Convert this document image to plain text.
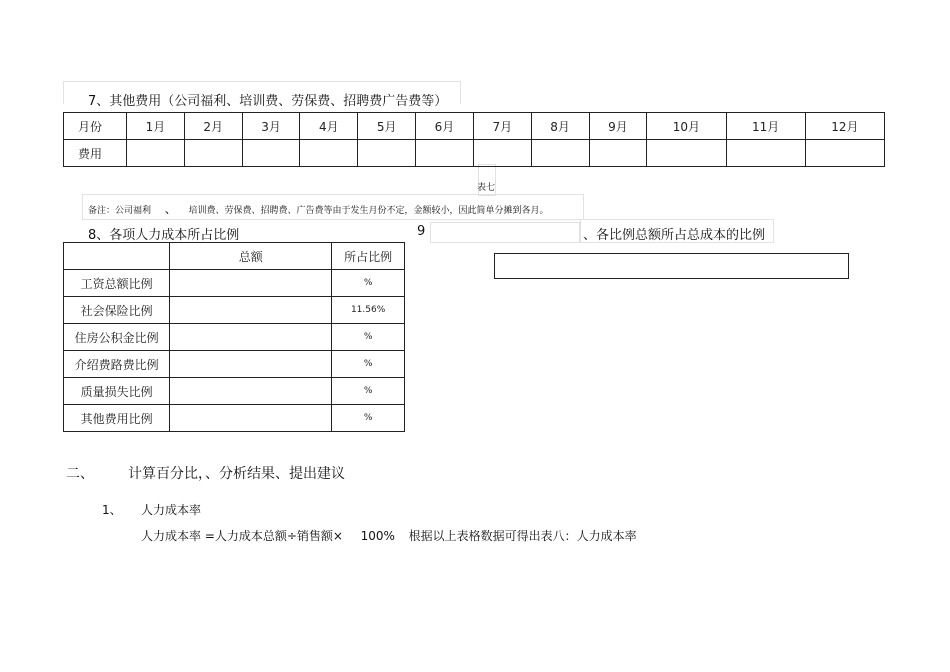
7、其他费用（公司福利、培训费、劳保费、招聘费广告费等）
月份	1月	2月	3月	4月	5月	6月	7月	8月	9月	10月	11月	12月
费用												
表七
备注：公司福利 、 培训费、劳保费、招聘费、广告费等由于发生月份不定，金额较小，因此简单分摊到各月。
8、各项人力成本所占比例	9	、各比例总额所占总成本的比例
	总额	所占比例
工资总额比例		%
社会保险比例		11.56%
住房公积金比例		%
介绍费路费比例		%
质量损失比例		%
其他费用比例		%
二、 计算百分比，、分析结果、提出建议
1、 人力成本率
人力成本率 =人力成本总额÷销售额× 100% 根据以上表格数据可得出表八：人力成本率
